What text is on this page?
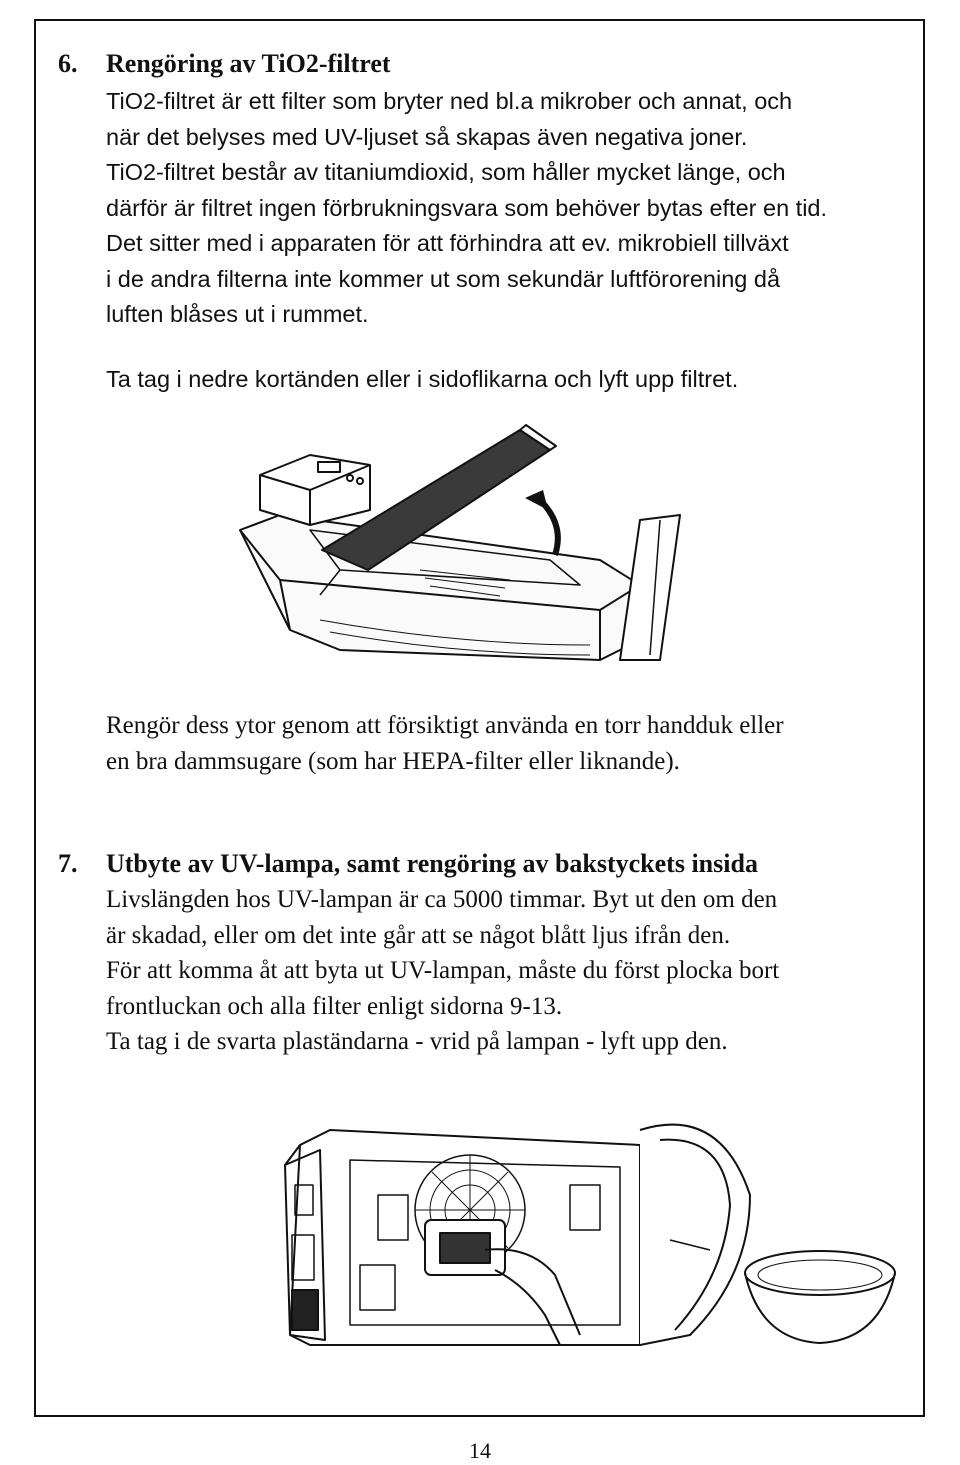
6. Rengöring av TiO2-filtret
TiO2-filtret är ett filter som bryter ned bl.a mikrober och annat, och
när det belyses med UV-ljuset så skapas även negativa joner.
TiO2-filtret består av titaniumdioxid, som håller mycket länge, och
därför är filtret ingen förbrukningsvara som behöver bytas efter en tid.
Det sitter med i apparaten för att förhindra att ev. mikrobiell tillväxt
i de andra filterna inte kommer ut som sekundär luftförorening då
luften blåses ut i rummet.
Ta tag i nedre kortänden eller i sidoflikarna och lyft upp filtret.
Rengör dess ytor genom att försiktigt använda en torr handduk eller
en bra dammsugare (som har HEPA-filter eller liknande).
7. Utbyte av UV-lampa, samt rengöring av bakstyckets insida
Livslängden hos UV-lampan är ca 5000 timmar. Byt ut den om den
är skadad, eller om det inte går att se något blått ljus ifrån den.
För att komma åt att byta ut UV-lampan, måste du först plocka bort
frontluckan och alla filter enligt sidorna 9-13.
Ta tag i de svarta plaständarna - vrid på lampan - lyft upp den.
14
